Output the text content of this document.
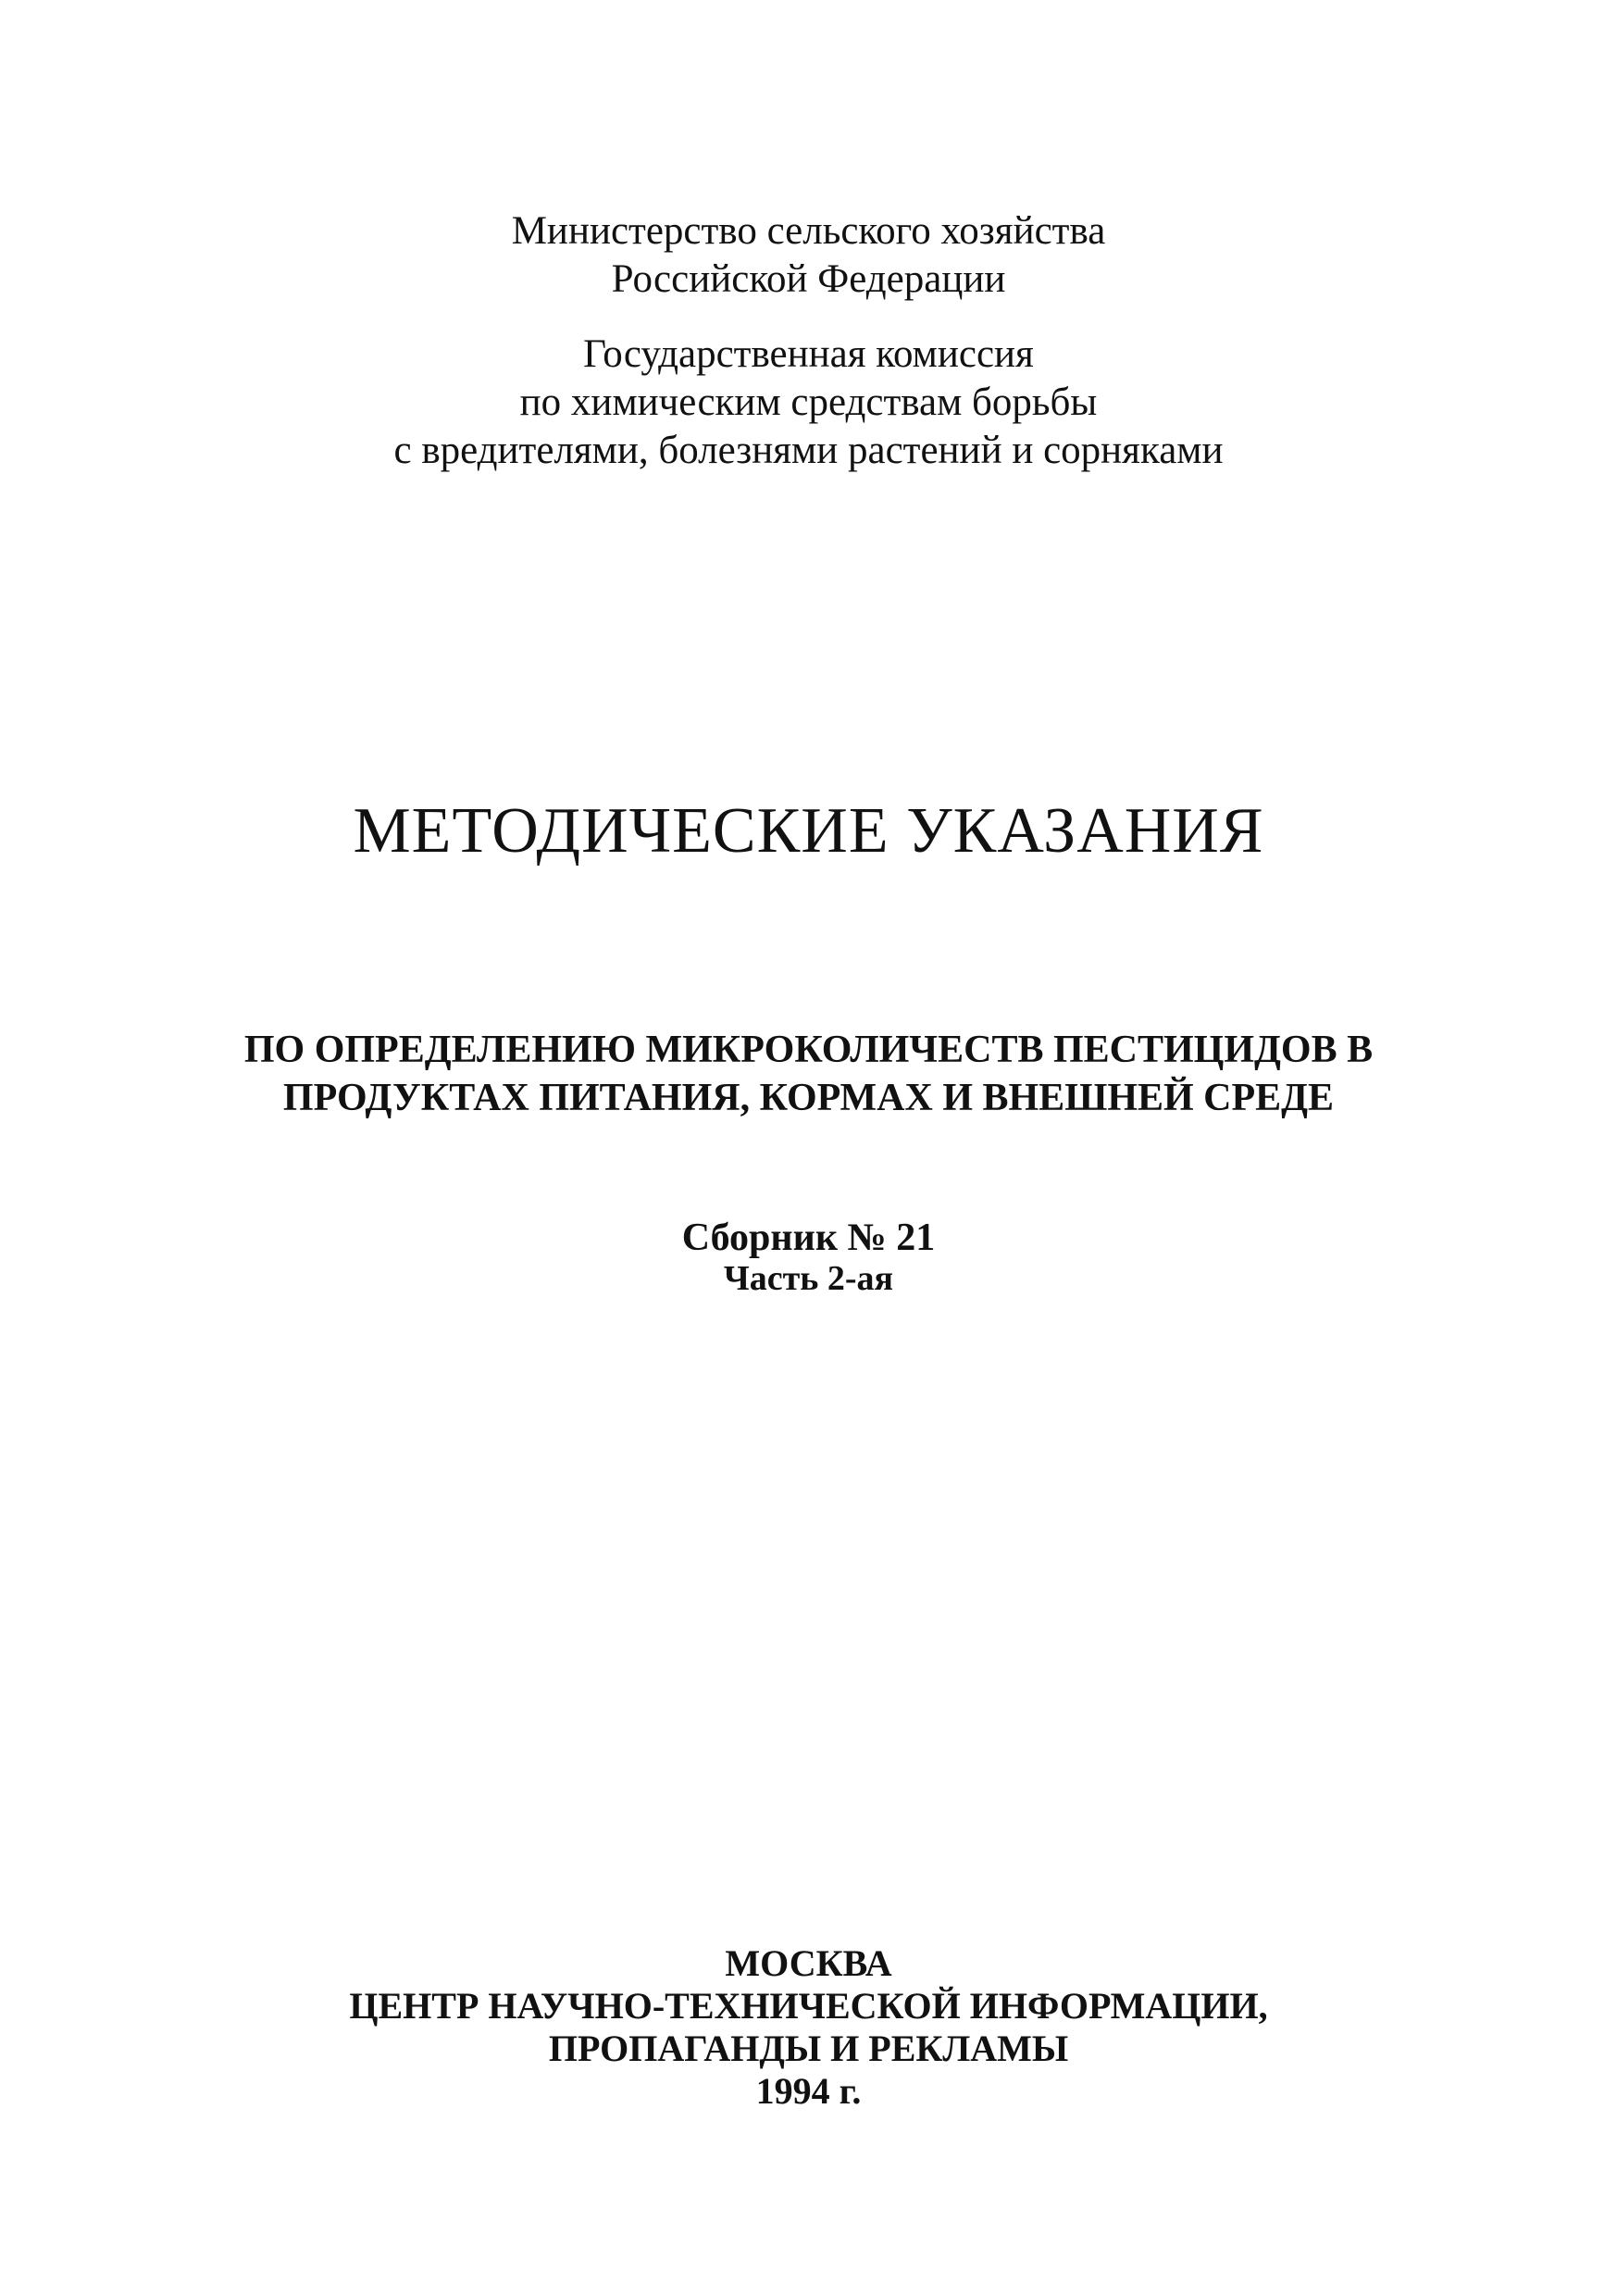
Министерство сельского хозяйства
Российской Федерации
Государственная комиссия
по химическим средствам борьбы
с вредителями, болезнями растений и сорняками
МЕТОДИЧЕСКИЕ УКАЗАНИЯ
ПО ОПРЕДЕЛЕНИЮ МИКРОКОЛИЧЕСТВ ПЕСТИЦИДОВ В
ПРОДУКТАХ ПИТАНИЯ, КОРМАХ И ВНЕШНЕЙ СРЕДЕ
Сборник № 21
Часть 2-ая
МОСКВА
ЦЕНТР НАУЧНО-ТЕХНИЧЕСКОЙ ИНФОРМАЦИИ,
ПРОПАГАНДЫ И РЕКЛАМЫ
1994 г.
